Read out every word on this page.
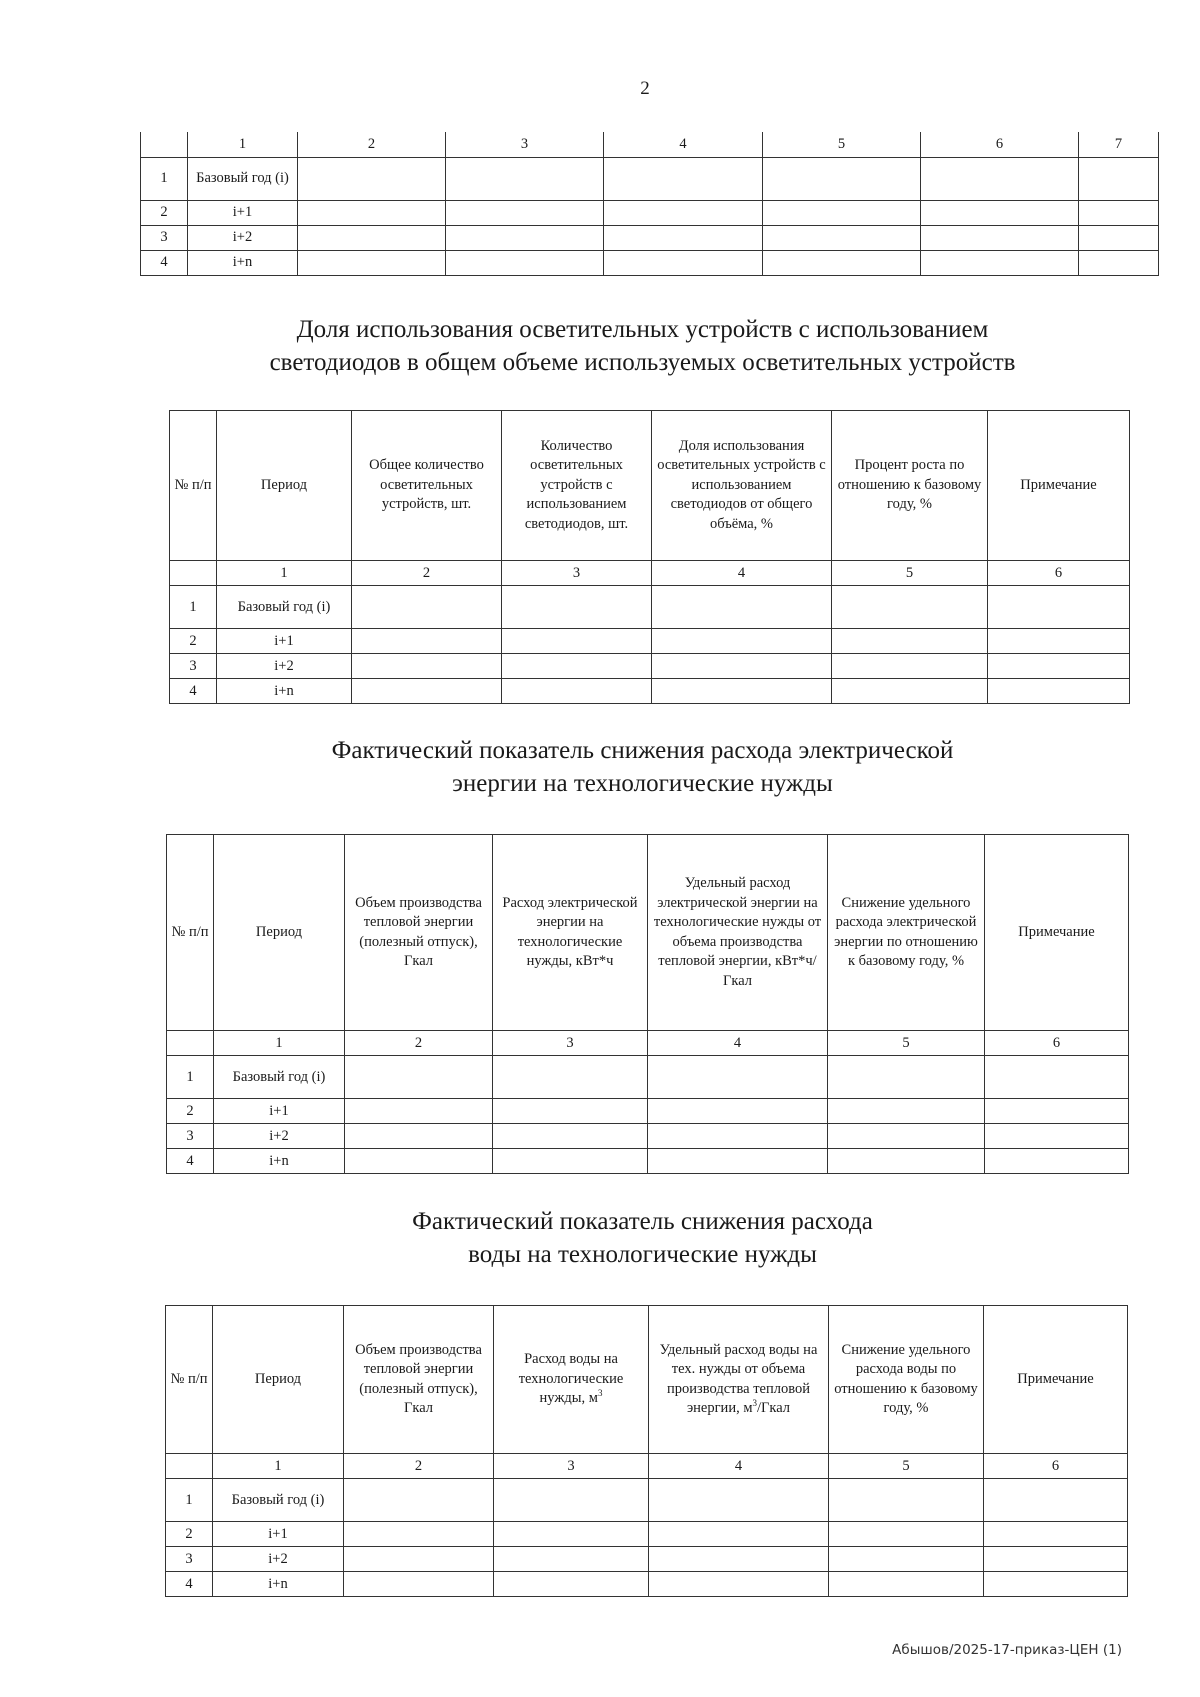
2
	1	2	3	4	5	6	7
1	Базовый год (i)						
2	i+1						
3	i+2						
4	i+n						
Доля использования осветительных устройств с использованием
светодиодов в общем объеме используемых осветительных устройств
№ п/п	Период	Общее количество осветительных устройств, шт.	Количество осветительных устройств с использованием светодиодов, шт.	Доля использования осветительных устройств с использованием светодиодов от общего объёма, %	Процент роста по отношению к базовому году, %	Примечание
	1	2	3	4	5	6
1	Базовый год (i)					
2	i+1					
3	i+2					
4	i+n					
Фактический показатель снижения расхода электрической
энергии на технологические нужды
№ п/п	Период	Объем производства тепловой энергии (полезный отпуск), Гкал	Расход электрической энергии на технологические нужды, кВт*ч	Удельный расход электрической энергии на технологические нужды от объема производства тепловой энергии, кВт*ч/Гкал	Снижение удельного расхода электрической энергии по отношению к базовому году, %	Примечание
	1	2	3	4	5	6
1	Базовый год (i)					
2	i+1					
3	i+2					
4	i+n					
Фактический показатель снижения расхода
воды на технологические нужды
№ п/п	Период	Объем производства тепловой энергии (полезный отпуск), Гкал	Расход воды на технологические нужды, $м^3$	Удельный расход воды на тех. нужды от объема производства тепловой энергии, $м^3$/Гкал	Снижение удельного расхода воды по отношению к базовому году, %	Примечание
	1	2	3	4	5	6
1	Базовый год (i)					
2	i+1					
3	i+2					
4	i+n					
Абышов/2025-17-приказ-ЦЕН (1)
